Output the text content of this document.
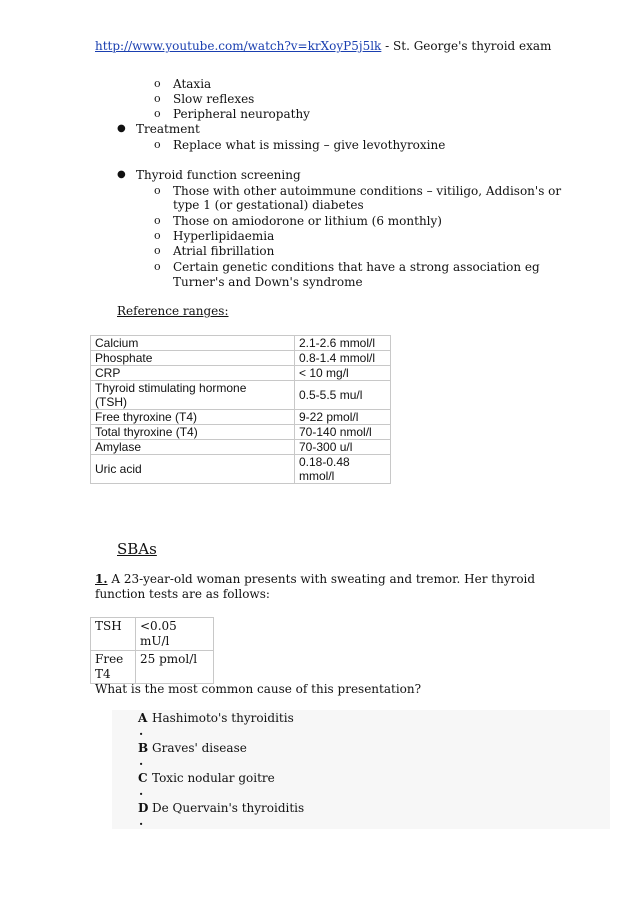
http://www.youtube.com/watch?v=krXoyP5j5lk - St. George's thyroid exam
o Ataxia
o Slow reflexes
o Peripheral neuropathy
● Treatment
o Replace what is missing – give levothyroxine
● Thyroid function screening
o Those with other autoimmune conditions – vitiligo, Addison's or
type 1 (or gestational) diabetes
o Those on amiodorone or lithium (6 monthly)
o Hyperlipidaemia
o Atrial fibrillation
o Certain genetic conditions that have a strong association eg
Turner's and Down's syndrome
Reference ranges:
Calcium	2.1-2.6 mmol/l
Phosphate	0.8-1.4 mmol/l
CRP	< 10 mg/l
Thyroid stimulating hormone
(TSH)	0.5-5.5 mu/l
Free thyroxine (T4)	9-22 pmol/l
Total thyroxine (T4)	70-140 nmol/l
Amylase	70-300 u/l
Uric acid	0.18-0.48
mmol/l
SBAs
1. A 23-year-old woman presents with sweating and tremor. Her thyroid
function tests are as follows:
TSH	<0.05 mU/l
Free
T4	25 pmol/l
What is the most common cause of this presentation?
A Hashimoto's thyroiditis
.
B Graves' disease
.
C Toxic nodular goitre
.
D De Quervain's thyroiditis
.
